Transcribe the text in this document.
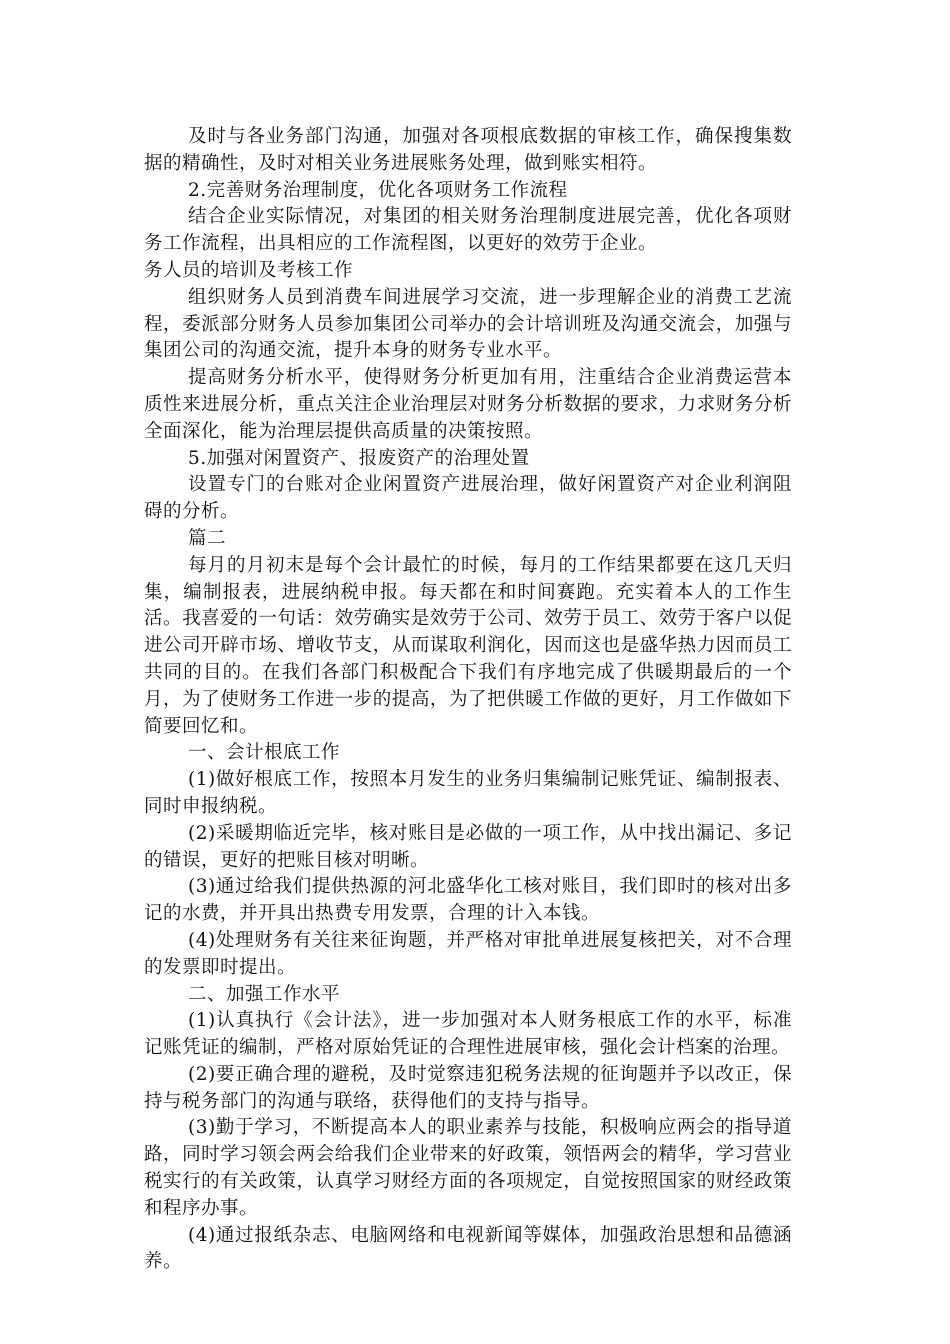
及时与各业务部门沟通，加强对各项根底数据的审核工作，确保搜集数据的精确性，及时对相关业务进展账务处理，做到账实相符。

2.完善财务治理制度，优化各项财务工作流程

结合企业实际情况，对集团的相关财务治理制度进展完善，优化各项财务工作流程，出具相应的工作流程图，以更好的效劳于企业。

务人员的培训及考核工作

组织财务人员到消费车间进展学习交流，进一步理解企业的消费工艺流程，委派部分财务人员参加集团公司举办的会计培训班及沟通交流会，加强与集团公司的沟通交流，提升本身的财务专业水平。

提高财务分析水平，使得财务分析更加有用，注重结合企业消费运营本质性来进展分析，重点关注企业治理层对财务分析数据的要求，力求财务分析全面深化，能为治理层提供高质量的决策按照。

5.加强对闲置资产、报废资产的治理处置

设置专门的台账对企业闲置资产进展治理，做好闲置资产对企业利润阻碍的分析。

篇二

每月的月初末是每个会计最忙的时候，每月的工作结果都要在这几天归集，编制报表，进展纳税申报。每天都在和时间赛跑。充实着本人的工作生活。我喜爱的一句话：效劳确实是效劳于公司、效劳于员工、效劳于客户以促进公司开辟市场、增收节支，从而谋取利润化，因而这也是盛华热力因而员工共同的目的。在我们各部门积极配合下我们有序地完成了供暖期最后的一个月，为了使财务工作进一步的提高，为了把供暖工作做的更好，月工作做如下简要回忆和。

一、会计根底工作

(1)做好根底工作，按照本月发生的业务归集编制记账凭证、编制报表、同时申报纳税。

(2)采暖期临近完毕，核对账目是必做的一项工作，从中找出漏记、多记的错误，更好的把账目核对明晰。

(3)通过给我们提供热源的河北盛华化工核对账目，我们即时的核对出多记的水费，并开具出热费专用发票，合理的计入本钱。

(4)处理财务有关往来征询题，并严格对审批单进展复核把关，对不合理的发票即时提出。

二、加强工作水平

(1)认真执行《会计法》，进一步加强对本人财务根底工作的水平，标准记账凭证的编制，严格对原始凭证的合理性进展审核，强化会计档案的治理。

(2)要正确合理的避税，及时觉察违犯税务法规的征询题并予以改正，保持与税务部门的沟通与联络，获得他们的支持与指导。

(3)勤于学习，不断提高本人的职业素养与技能，积极响应两会的指导道路，同时学习领会两会给我们企业带来的好政策，领悟两会的精华，学习营业税实行的有关政策，认真学习财经方面的各项规定，自觉按照国家的财经政策和程序办事。

(4)通过报纸杂志、电脑网络和电视新闻等媒体，加强政治思想和品德涵养。
